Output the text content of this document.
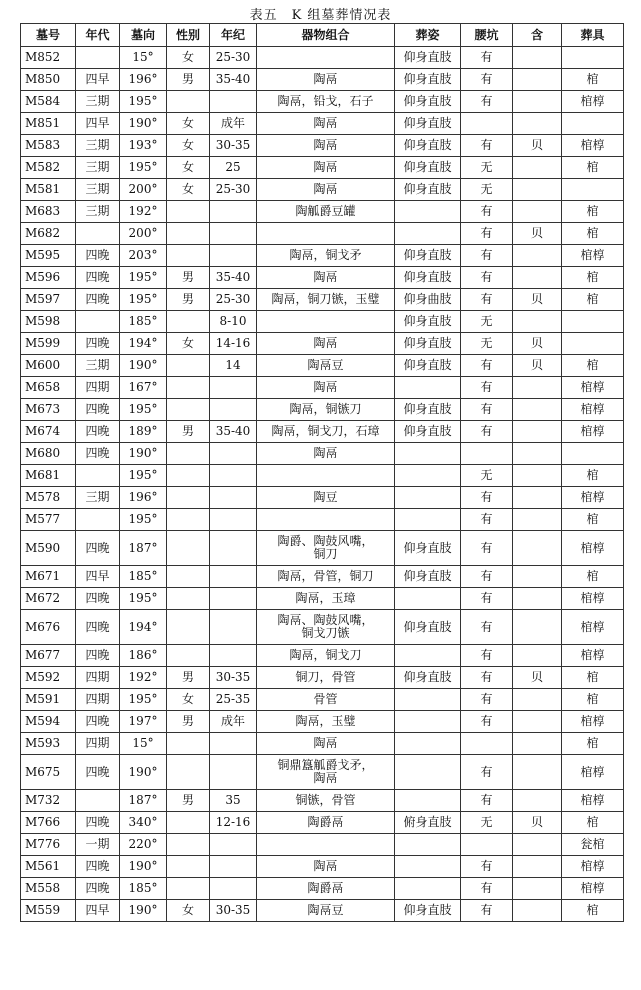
表五　K 组墓葬情况表
墓号	年代	墓向	性别	年纪	器物组合	葬姿	腰坑	含	葬具
M852		15°	女	25-30		仰身直肢	有		
M850	四早	196°	男	35-40	陶鬲	仰身直肢	有		棺
M584	三期	195°			陶鬲，铅戈，石子	仰身直肢	有		棺椁
M851	四早	190°	女	成年	陶鬲	仰身直肢			
M583	三期	193°	女	30-35	陶鬲	仰身直肢	有	贝	棺椁
M582	三期	195°	女	25	陶鬲	仰身直肢	无		棺
M581	三期	200°	女	25-30	陶鬲	仰身直肢	无		
M683	三期	192°			陶觚爵豆罐		有		棺
M682		200°					有	贝	棺
M595	四晚	203°			陶鬲，铜戈矛	仰身直肢	有		棺椁
M596	四晚	195°	男	35-40	陶鬲	仰身直肢	有		棺
M597	四晚	195°	男	25-30	陶鬲，铜刀镞，玉璧	仰身曲肢	有	贝	棺
M598		185°		8-10		仰身直肢	无		
M599	四晚	194°	女	14-16	陶鬲	仰身直肢	无	贝	
M600	三期	190°		14	陶鬲豆	仰身直肢	有	贝	棺
M658	四期	167°			陶鬲		有		棺椁
M673	四晚	195°			陶鬲，铜镞刀	仰身直肢	有		棺椁
M674	四晚	189°	男	35-40	陶鬲，铜戈刀，石璋	仰身直肢	有		棺椁
M680	四晚	190°			陶鬲				
M681		195°					无		棺
M578	三期	196°			陶豆		有		棺椁
M577		195°					有		棺
M590	四晚	187°			陶爵、陶鼓风嘴，
铜刀	仰身直肢	有		棺椁
M671	四早	185°			陶鬲，骨管，铜刀	仰身直肢	有		棺
M672	四晚	195°			陶鬲，玉璋		有		棺椁
M676	四晚	194°			陶鬲、陶鼓风嘴，
铜戈刀镞	仰身直肢	有		棺椁
M677	四晚	186°			陶鬲，铜戈刀		有		棺椁
M592	四期	192°	男	30-35	铜刀，骨管	仰身直肢	有	贝	棺
M591	四期	195°	女	25-35	骨管		有		棺
M594	四晚	197°	男	成年	陶鬲，玉璧		有		棺椁
M593	四期	15°			陶鬲				棺
M675	四晚	190°			铜鼎簋觚爵戈矛，
陶鬲		有		棺椁
M732		187°	男	35	铜镞，骨管		有		棺椁
M766	四晚	340°		12-16	陶爵鬲	俯身直肢	无	贝	棺
M776	一期	220°							瓮棺
M561	四晚	190°			陶鬲		有		棺椁
M558	四晚	185°			陶爵鬲		有		棺椁
M559	四早	190°	女	30-35	陶鬲豆	仰身直肢	有		棺
